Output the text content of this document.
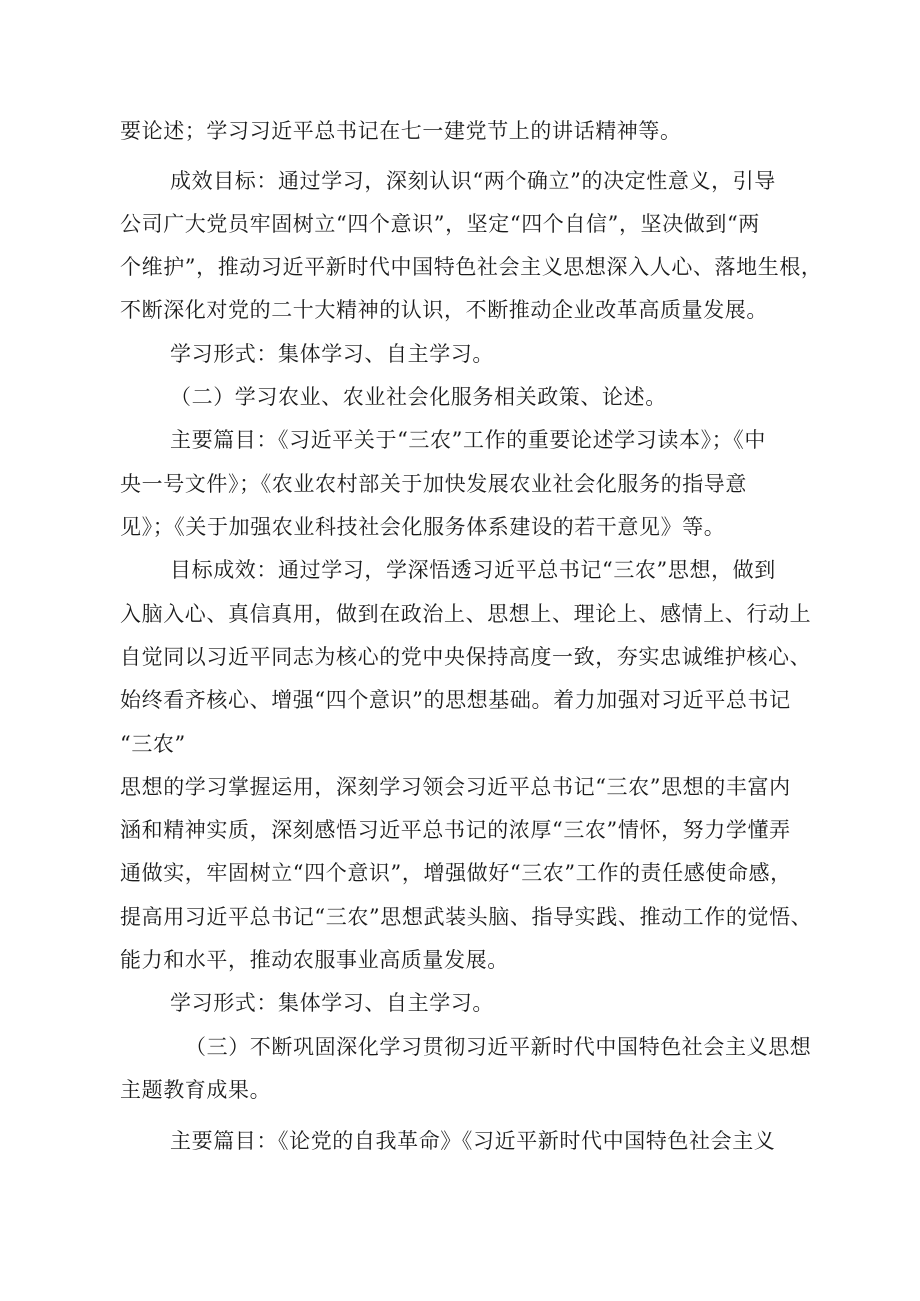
要论述；学习习近平总书记在七一建党节上的讲话精神等。
成效目标：通过学习，深刻认识“两个确立”的决定性意义，引导
公司广大党员牢固树立“四个意识”，坚定“四个自信”，坚决做到“两
个维护”，推动习近平新时代中国特色社会主义思想深入人心、落地生根，
不断深化对党的二十大精神的认识，不断推动企业改革高质量发展。
学习形式：集体学习、自主学习。
（二）学习农业、农业社会化服务相关政策、论述。
主要篇目：《习近平关于“三农”工作的重要论述学习读本》；《中
央一号文件》；《农业农村部关于加快发展农业社会化服务的指导意
见》；《关于加强农业科技社会化服务体系建设的若干意见》等。
目标成效：通过学习，学深悟透习近平总书记“三农”思想，做到
入脑入心、真信真用，做到在政治上、思想上、理论上、感情上、行动上
自觉同以习近平同志为核心的党中央保持高度一致，夯实忠诚维护核心、
始终看齐核心、增强“四个意识”的思想基础。着力加强对习近平总书记
“三农”
思想的学习掌握运用，深刻学习领会习近平总书记“三农”思想的丰富内
涵和精神实质，深刻感悟习近平总书记的浓厚“三农”情怀，努力学懂弄
通做实，牢固树立“四个意识”，增强做好“三农”工作的责任感使命感，
提高用习近平总书记“三农”思想武装头脑、指导实践、推动工作的觉悟、
能力和水平，推动农服事业高质量发展。
学习形式：集体学习、自主学习。
（三）不断巩固深化学习贯彻习近平新时代中国特色社会主义思想
主题教育成果。
主要篇目：《论党的自我革命》《习近平新时代中国特色社会主义
